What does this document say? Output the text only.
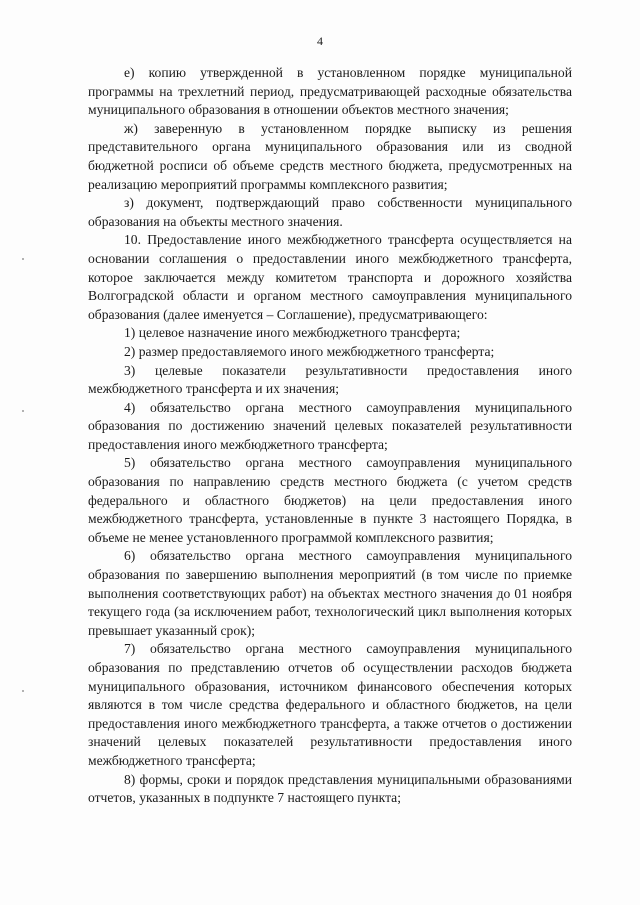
4

е) копию утвержденной в установленном порядке муниципальной программы на трехлетний период, предусматривающей расходные обязательства муниципального образования в отношении объектов местного значения;

ж) заверенную в установленном порядке выписку из решения представительного органа муниципального образования или из сводной бюджетной росписи об объеме средств местного бюджета, предусмотренных на реализацию мероприятий программы комплексного развития;

з) документ, подтверждающий право собственности муниципального образования на объекты местного значения.

10. Предоставление иного межбюджетного трансферта осуществляется на основании соглашения о предоставлении иного межбюджетного трансферта, которое заключается между комитетом транспорта и дорожного хозяйства Волгоградской области и органом местного самоуправления муниципального образования (далее именуется – Соглашение), предусматривающего:

1) целевое назначение иного межбюджетного трансферта;

2) размер предоставляемого иного межбюджетного трансферта;

3) целевые показатели результативности предоставления иного межбюджетного трансферта и их значения;

4) обязательство органа местного самоуправления муниципального образования по достижению значений целевых показателей результативности предоставления иного межбюджетного трансферта;

5) обязательство органа местного самоуправления муниципального образования по направлению средств местного бюджета (с учетом средств федерального и областного бюджетов) на цели предоставления иного межбюджетного трансферта, установленные в пункте 3 настоящего Порядка, в объеме не менее установленного программой комплексного развития;

6) обязательство органа местного самоуправления муниципального образования по завершению выполнения мероприятий (в том числе по приемке выполнения соответствующих работ) на объектах местного значения до 01 ноября текущего года (за исключением работ, технологический цикл выполнения которых превышает указанный срок);

7) обязательство органа местного самоуправления муниципального образования по представлению отчетов об осуществлении расходов бюджета муниципального образования, источником финансового обеспечения которых являются в том числе средства федерального и областного бюджетов, на цели предоставления иного межбюджетного трансферта, а также отчетов о достижении значений целевых показателей результативности предоставления иного межбюджетного трансферта;

8) формы, сроки и порядок представления муниципальными образованиями отчетов, указанных в подпункте 7 настоящего пункта;
